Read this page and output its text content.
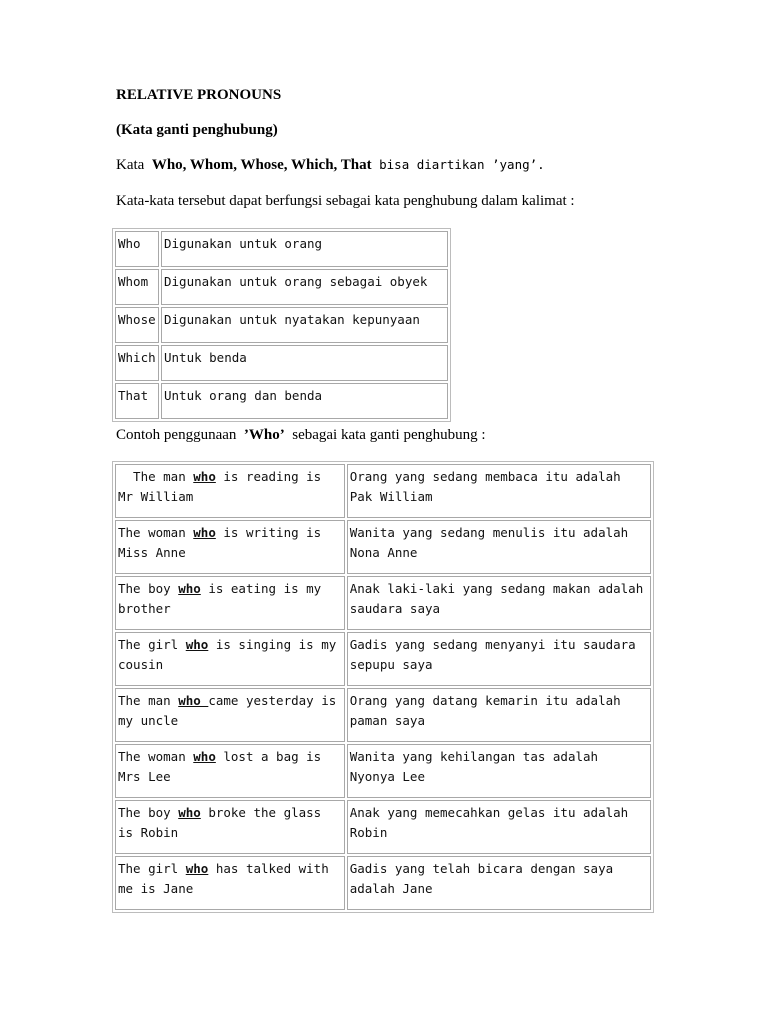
RELATIVE PRONOUNS
(Kata ganti penghubung)
Kata Who, Whom, Whose, Which, That bisa diartikan ’yang’.
Kata-kata tersebut dapat berfungsi sebagai kata penghubung dalam kalimat :
Who	Digunakan untuk orang
Whom	Digunakan untuk orang sebagai obyek
Whose	Digunakan untuk nyatakan kepunyaan
Which	Untuk benda
That	Untuk orang dan benda
Contoh penggunaan ’Who’ sebagai kata ganti penghubung :
The man who is reading is Mr William	Orang yang sedang membaca itu adalah Pak William
The woman who is writing is Miss Anne	Wanita yang sedang menulis itu adalah Nona Anne
The boy who is eating is my brother	Anak laki-laki yang sedang makan adalah saudara saya
The girl who is singing is my cousin	Gadis yang sedang menyanyi itu saudara sepupu saya
The man who came yesterday is my uncle	Orang yang datang kemarin itu adalah paman saya
The woman who lost a bag is Mrs Lee	Wanita yang kehilangan tas adalah Nyonya Lee
The boy who broke the glass is Robin	Anak yang memecahkan gelas itu adalah Robin
The girl who has talked with me is Jane	Gadis yang telah bicara dengan saya adalah Jane
